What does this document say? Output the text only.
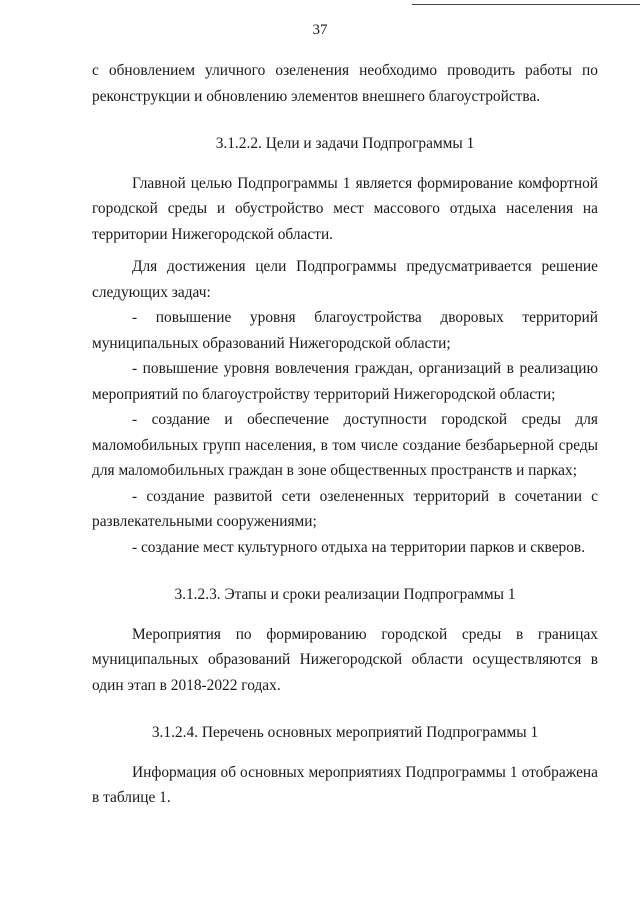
37

с обновлением уличного озеленения необходимо проводить работы по реконструкции и обновлению элементов внешнего благоустройства.

3.1.2.2. Цели и задачи Подпрограммы 1

Главной целью Подпрограммы 1 является формирование комфортной городской среды и обустройство мест массового отдыха населения на территории Нижегородской области.

Для достижения цели Подпрограммы предусматривается решение следующих задач:

- повышение уровня благоустройства дворовых территорий муниципальных образований Нижегородской области;

- повышение уровня вовлечения граждан, организаций в реализацию мероприятий по благоустройству территорий Нижегородской области;

- создание и обеспечение доступности городской среды для маломобильных групп населения, в том числе создание безбарьерной среды для маломобильных граждан в зоне общественных пространств и парках;

- создание развитой сети озелененных территорий в сочетании с развлекательными сооружениями;

- создание мест культурного отдыха на территории парков и скверов.

3.1.2.3. Этапы и сроки реализации Подпрограммы 1

Мероприятия по формированию городской среды в границах муниципальных образований Нижегородской области осуществляются в один этап в 2018-2022 годах.

3.1.2.4. Перечень основных мероприятий Подпрограммы 1

Информация об основных мероприятиях Подпрограммы 1 отображена в таблице 1.
